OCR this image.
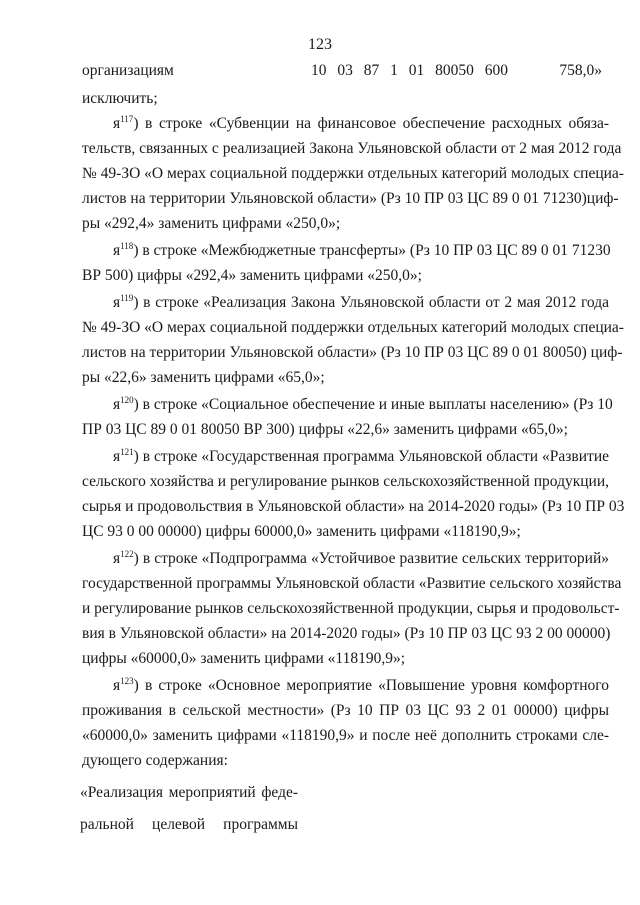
123
организациям	10 03 87 1 01 80050 600	758,0»
исключить;
$я^{117}$) в строке «Субвенции на финансовое обеспечение расходных обяза-
тельств, связанных с реализацией Закона Ульяновской области от 2 мая 2012 года
№ 49-ЗО «О мерах социальной поддержки отдельных категорий молодых специа-
листов на территории Ульяновской области» (Рз 10 ПР 03 ЦС 89 0 01 71230)циф-
ры «292,4» заменить цифрами «250,0»;
$я^{118}$) в строке «Межбюджетные трансферты» (Рз 10 ПР 03 ЦС 89 0 01 71230
ВР 500) цифры «292,4» заменить цифрами «250,0»;
$я^{119}$) в строке «Реализация Закона Ульяновской области от 2 мая 2012 года
№ 49-ЗО «О мерах социальной поддержки отдельных категорий молодых специа-
листов на территории Ульяновской области» (Рз 10 ПР 03 ЦС 89 0 01 80050) циф-
ры «22,6» заменить цифрами «65,0»;
$я^{120}$) в строке «Социальное обеспечение и иные выплаты населению» (Рз 10
ПР 03 ЦС 89 0 01 80050 ВР 300) цифры «22,6» заменить цифрами «65,0»;
$я^{121}$) в строке «Государственная программа Ульяновской области «Развитие
сельского хозяйства и регулирование рынков сельскохозяйственной продукции,
сырья и продовольствия в Ульяновской области» на 2014-2020 годы» (Рз 10 ПР 03
ЦС 93 0 00 00000) цифры 60000,0» заменить цифрами «118190,9»;
$я^{122}$) в строке «Подпрограмма «Устойчивое развитие сельских территорий»
государственной программы Ульяновской области «Развитие сельского хозяйства
и регулирование рынков сельскохозяйственной продукции, сырья и продовольст-
вия в Ульяновской области» на 2014-2020 годы» (Рз 10 ПР 03 ЦС 93 2 00 00000)
цифры «60000,0» заменить цифрами «118190,9»;
$я^{123}$) в строке «Основное мероприятие «Повышение уровня комфортного
проживания в сельской местности» (Рз 10 ПР 03 ЦС 93 2 01 00000) цифры
«60000,0» заменить цифрами «118190,9» и после неё дополнить строками сле-
дующего содержания:
«Реализация мероприятий феде-
ральной целевой программы
